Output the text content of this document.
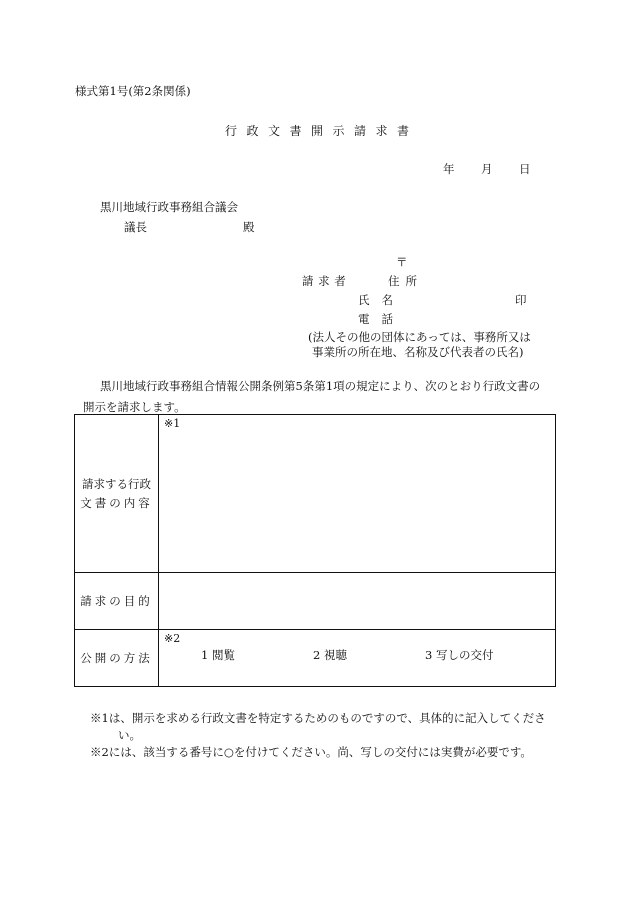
様式第1号(第2条関係)
行政文書開示請求書
年 月 日
黒川地域行政事務組合議会
議長	殿
〒
請求者	住所
氏名	印
電話
(法人その他の団体にあっては、事務所又は
事業所の所在地、名称及び代表者の氏名)
黒川地域行政事務組合情報公開条例第5条第1項の規定により、次のとおり行政文書の
開示を請求します。
請求する行政
文書の内容	※1

請求の目的	
公開の方法	※2
1 閲覧 2 視聴 3 写しの交付
※1は、開示を求める行政文書を特定するためのものですので、具体的に記入してくださ
い。
※2には、該当する番号に○を付けてください。尚、写しの交付には実費が必要です。
